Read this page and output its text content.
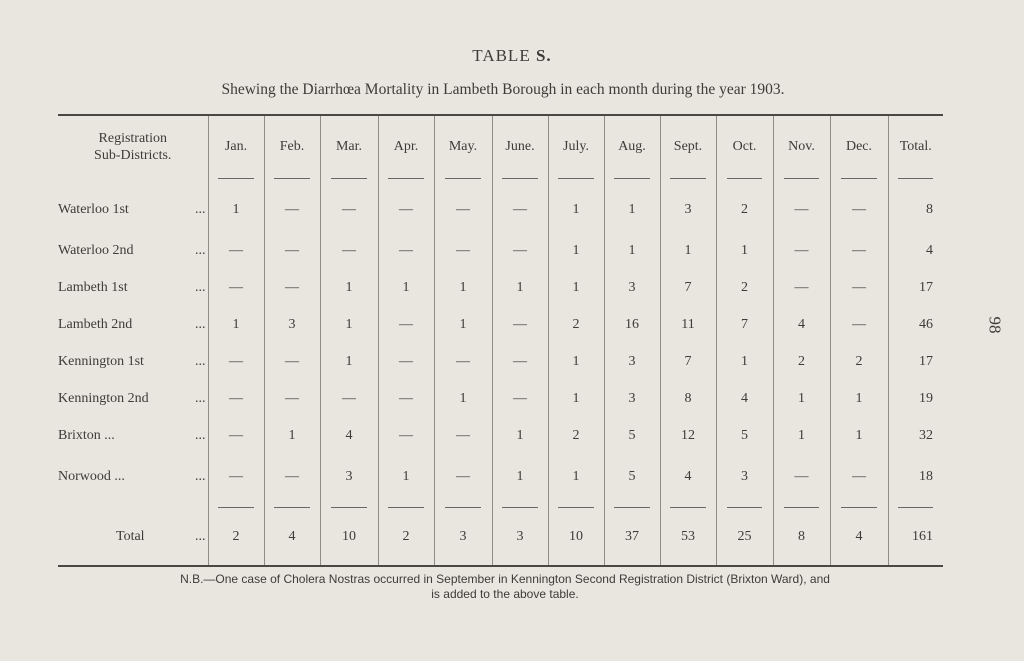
TABLE S.
Shewing the Diarrhœa Mortality in Lambeth Borough in each month during the year 1903.
98
Registration
Sub-Districts.	Jan.	Feb.	Mar.	Apr.	May.	June.	July.	Aug.	Sept.	Oct.	Nov.	Dec.	Total.

Waterloo 1st ...	1	—	—	—	—	—	1	1	3	2	—	—	8

Waterloo 2nd ...	—	—	—	—	—	—	1	1	1	1	—	—	4

Lambeth 1st ...	—	—	1	1	1	1	1	3	7	2	—	—	17

Lambeth 2nd ...	1	3	1	—	1	—	2	16	11	7	4	—	46

Kennington 1st ...	—	—	1	—	—	—	1	3	7	1	2	2	17

Kennington 2nd ...	—	—	—	—	1	—	1	3	8	4	1	1	19

Brixton ... ...	—	1	4	—	—	1	2	5	12	5	1	1	32

Norwood ... ...	—	—	3	1	—	1	1	5	4	3	—	—	18

Total ...	2	4	10	2	3	3	10	37	53	25	8	4	161
N.B.—One case of Cholera Nostras occurred in September in Kennington Second Registration District (Brixton Ward), and
is added to the above table.
